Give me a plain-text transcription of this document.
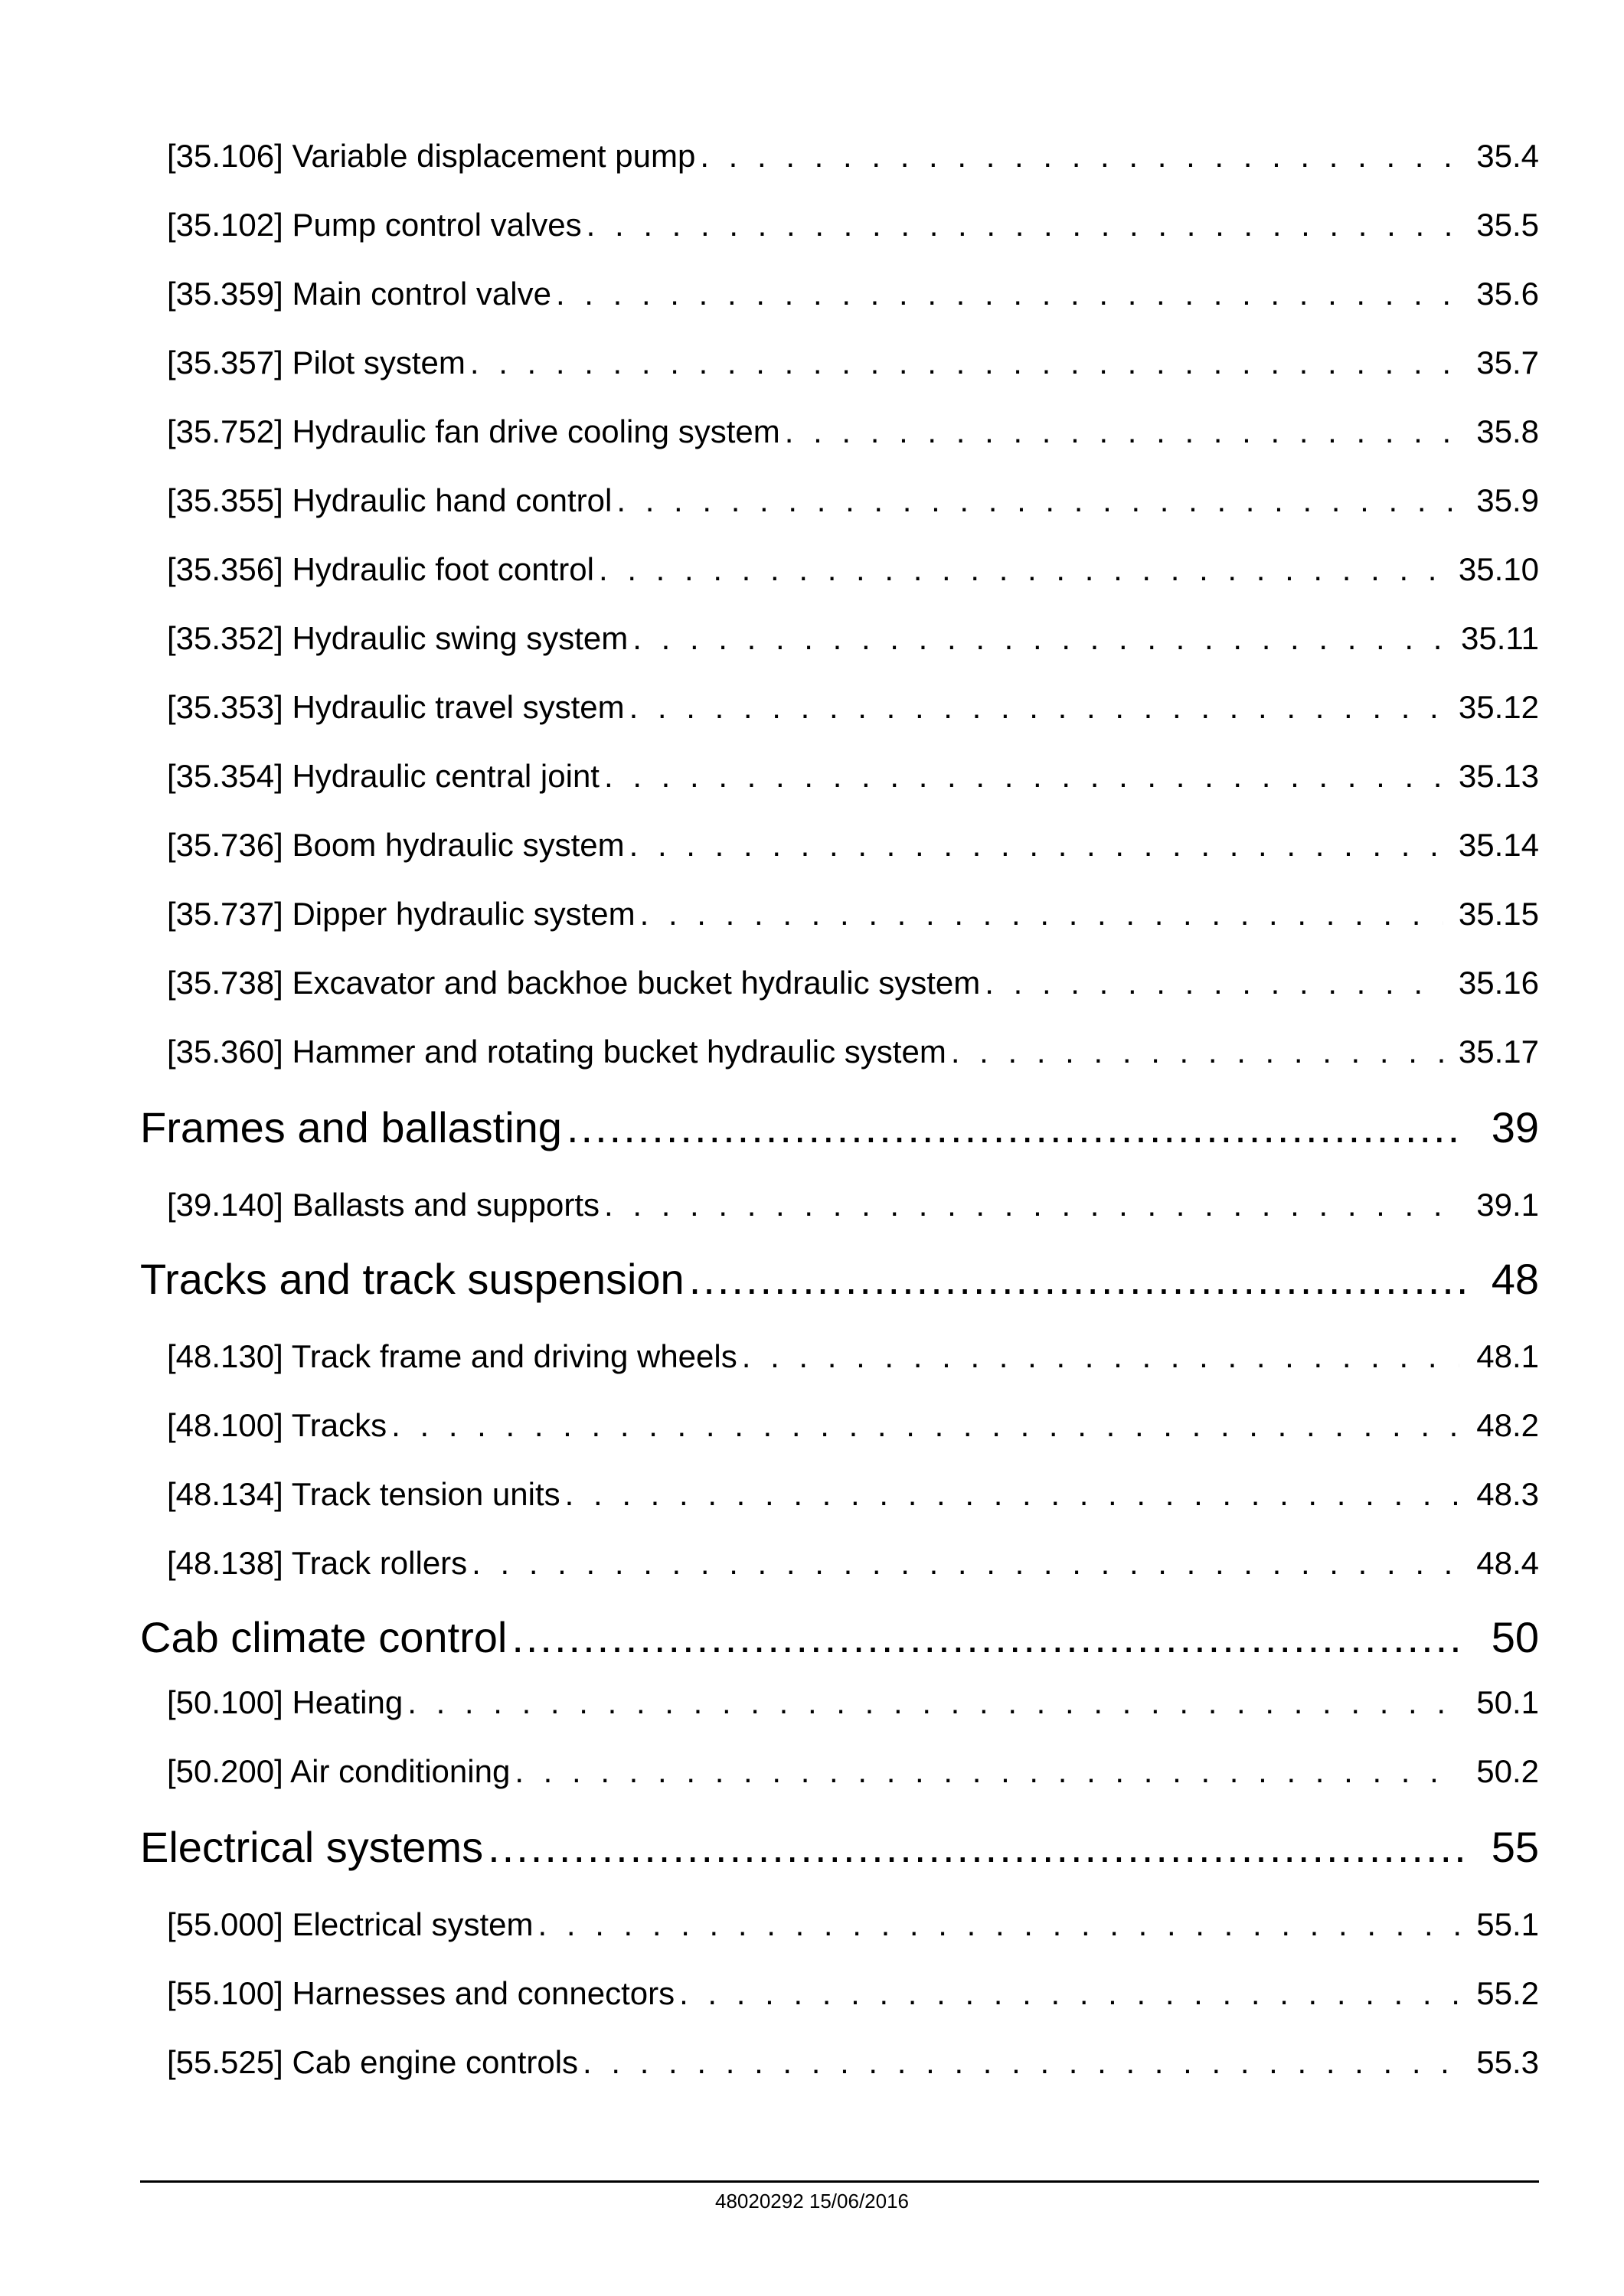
[35.106] Variable displacement pump . . .	35.4
[35.102] Pump control valves . . .	35.5
[35.359] Main control valve . . .	35.6
[35.357] Pilot system . . .	35.7
[35.752] Hydraulic fan drive cooling system . . .	35.8
[35.355] Hydraulic hand control . . .	35.9
[35.356] Hydraulic foot control . . .	35.10
[35.352] Hydraulic swing system . . .	35.11
[35.353] Hydraulic travel system . . .	35.12
[35.354] Hydraulic central joint . . .	35.13
[35.736] Boom hydraulic system . . .	35.14
[35.737] Dipper hydraulic system . . .	35.15
[35.738] Excavator and backhoe bucket hydraulic system . . .	35.16
[35.360] Hammer and rotating bucket hydraulic system . . .	35.17
Frames and ballasting .....	39
[39.140] Ballasts and supports . . .	39.1
Tracks and track suspension .....	48
[48.130] Track frame and driving wheels . . .	48.1
[48.100] Tracks . . .	48.2
[48.134] Track tension units . . .	48.3
[48.138] Track rollers . . .	48.4
Cab climate control .....	50
[50.100] Heating . . .	50.1
[50.200] Air conditioning . . .	50.2
Electrical systems .....	55
[55.000] Electrical system . . .	55.1
[55.100] Harnesses and connectors . . .	55.2
[55.525] Cab engine controls . . .	55.3
48020292 15/06/2016
